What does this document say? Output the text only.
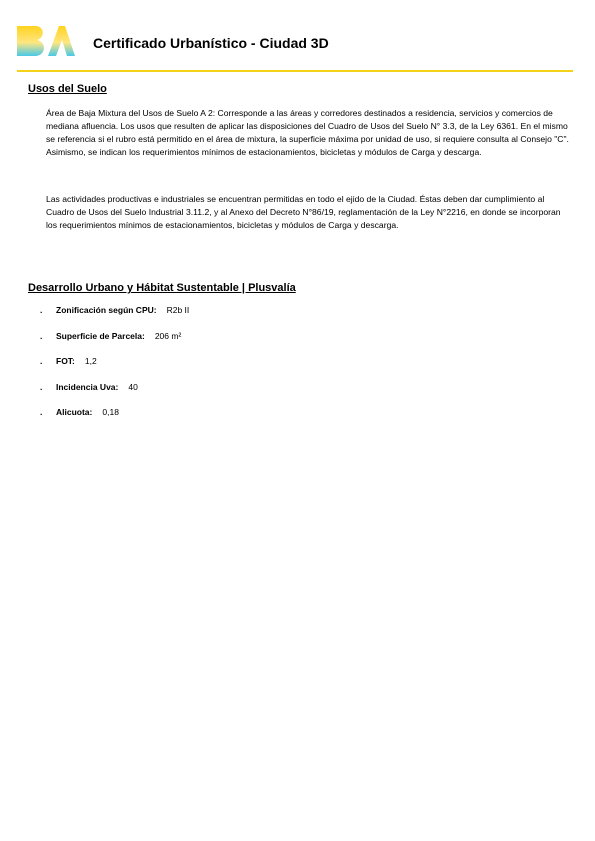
Certificado Urbanístico - Ciudad 3D
Usos del Suelo

Área de Baja Mixtura del Usos de Suelo A 2: Corresponde a las áreas y corredores destinados a residencia, servicios y comercios de mediana afluencia. Los usos que resulten de aplicar las disposiciones del Cuadro de Usos del Suelo N° 3.3, de la Ley 6361. En el mismo se referencia si el rubro está permitido en el área de mixtura, la superficie máxima por unidad de uso, si requiere consulta al Consejo "C". Asimismo, se indican los requerimientos mínimos de estacionamientos, bicicletas y módulos de Carga y descarga.

Las actividades productivas e industriales se encuentran permitidas en todo el ejido de la Ciudad. Éstas deben dar cumplimiento al Cuadro de Usos del Suelo Industrial 3.11.2, y al Anexo del Decreto N°86/19, reglamentación de la Ley N°2216, en donde se incorporan los requerimientos mínimos de estacionamientos, bicicletas y módulos de Carga y descarga.

Desarrollo Urbano y Hábitat Sustentable | Plusvalía
.	Zonificación según CPU: R2b II
.	Superficie de Parcela: 206 m²
.	FOT: 1,2
.	Incidencia Uva: 40
.	Alicuota: 0,18
